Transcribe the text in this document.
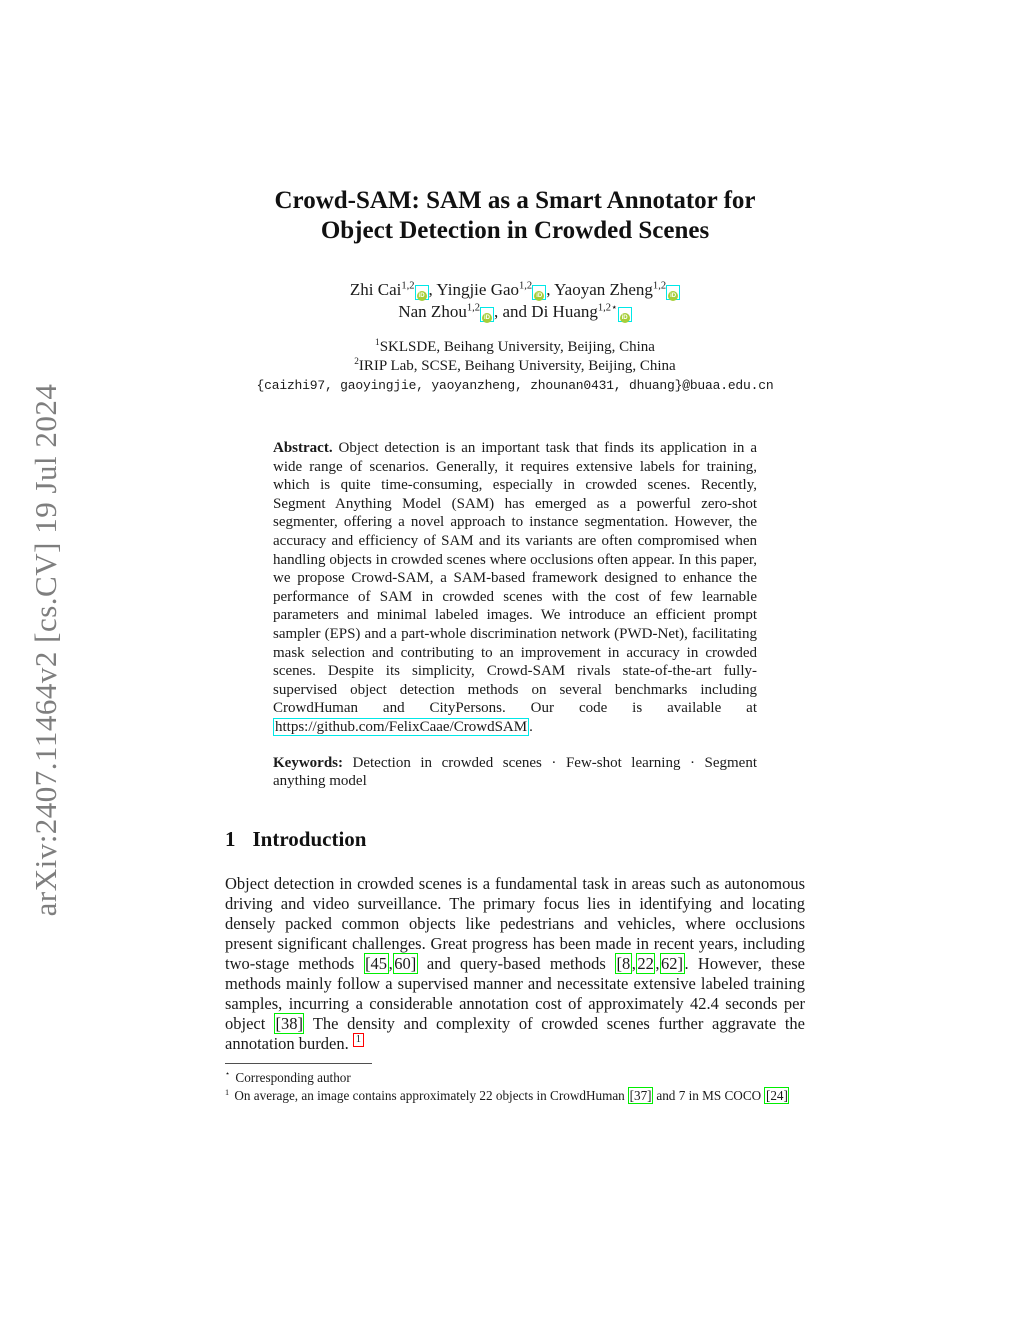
arXiv:2407.11464v2 [cs.CV] 19 Jul 2024
Crowd-SAM: SAM as a Smart Annotator for
Object Detection in Crowded Scenes
Zhi Cai$^{1,2}$iD , Yingjie Gao$^{1,2}$iD , Yaoyan Zheng$^{1,2}$iD
Nan Zhou$^{1,2}$iD , and Di Huang$^{1,2⋆}$iD
$^1$SKLSDE, Beihang University, Beijing, China
$^2$IRIP Lab, SCSE, Beihang University, Beijing, China
{caizhi97, gaoyingjie, yaoyanzheng, zhounan0431, dhuang}@buaa.edu.cn

Abstract. Object detection is an important task that finds its application in a wide range of scenarios. Generally, it requires extensive labels for training, which is quite time-consuming, especially in crowded scenes. Recently, Segment Anything Model (SAM) has emerged as a powerful zero-shot segmenter, offering a novel approach to instance segmentation. However, the accuracy and efficiency of SAM and its variants are often compromised when handling objects in crowded scenes where occlusions often appear. In this paper, we propose Crowd-SAM, a SAM-based framework designed to enhance the performance of SAM in crowded scenes with the cost of few learnable parameters and minimal labeled images. We introduce an efficient prompt sampler (EPS) and a part-whole discrimination network (PWD-Net), facilitating mask selection and contributing to an improvement in accuracy in crowded scenes. Despite its simplicity, Crowd-SAM rivals state-of-the-art fully-supervised object detection methods on several benchmarks including CrowdHuman and CityPersons. Our code is available at https://github.com/FelixCaae/CrowdSAM .

Keywords: Detection in crowded scenes · Few-shot learning · Segment anything model

1 Introduction

Object detection in crowded scenes is a fundamental task in areas such as autonomous driving and video surveillance. The primary focus lies in identifying and locating densely packed common objects like pedestrians and vehicles, where occlusions present significant challenges. Great progress has been made in recent years, including two-stage methods [45,60] and query-based methods [8,22,62]. However, these methods mainly follow a supervised manner and necessitate extensive labeled training samples, incurring a considerable annotation cost of approximately 42.4 seconds per object [38] The density and complexity of crowded scenes further aggravate the annotation burden. $^1$

⋆ Corresponding author
$^1$ On average, an image contains approximately 22 objects in CrowdHuman [37] and 7 in MS COCO [24]
